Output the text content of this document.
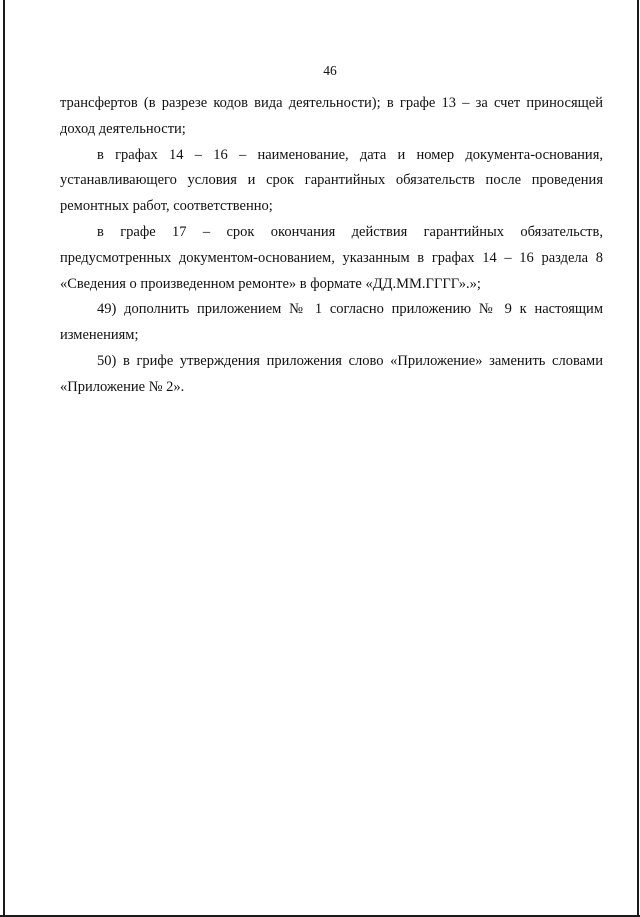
46

трансфертов (в разрезе кодов вида деятельности); в графе 13 – за счет приносящей доход деятельности;

в графах 14 – 16 – наименование, дата и номер документа-основания, устанавливающего условия и срок гарантийных обязательств после проведения ремонтных работ, соответственно;

в графе 17 – срок окончания действия гарантийных обязательств, предусмотренных документом-основанием, указанным в графах 14 – 16 раздела 8 «Сведения о произведенном ремонте» в формате «ДД.ММ.ГГГГ».»;

49) дополнить приложением № 1 согласно приложению № 9 к настоящим изменениям;

50) в грифе утверждения приложения слово «Приложение» заменить словами «Приложение № 2».
